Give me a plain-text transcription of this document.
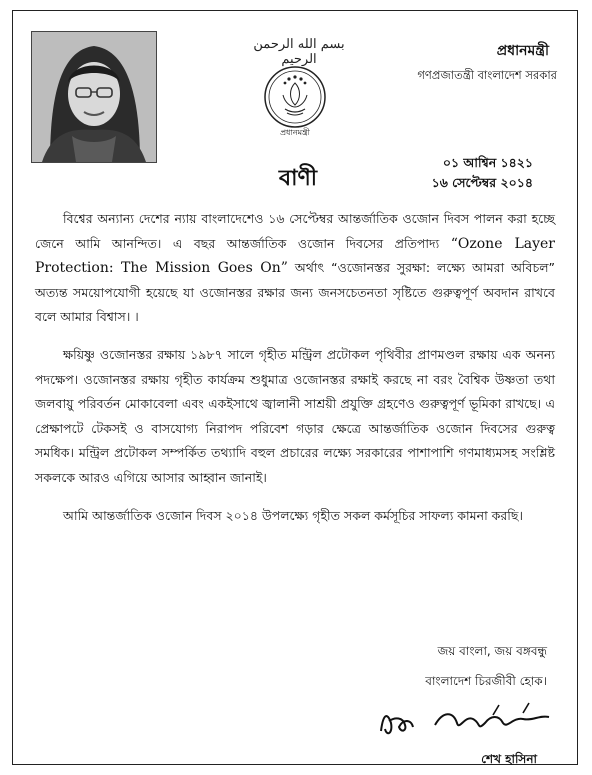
بسم الله الرحمن الرحيم
প্রধানমন্ত্রী
প্রধানমন্ত্রী
গণপ্রজাতন্ত্রী বাংলাদেশ সরকার
বাণী
০১ আশ্বিন ১৪২১
১৬ সেপ্টেম্বর ২০১৪

বিশ্বের অন্যান্য দেশের ন্যায় বাংলাদেশেও ১৬ সেপ্টেম্বর আন্তর্জাতিক ওজোন দিবস পালন করা হচ্ছে জেনে আমি আনন্দিত। এ বছর আন্তর্জাতিক ওজোন দিবসের প্রতিপাদ্য “Ozone Layer Protection: The Mission Goes On” অর্থাৎ “ওজোনস্তর সুরক্ষা: লক্ষ্যে আমরা অবিচল” অত্যন্ত সময়োপযোগী হয়েছে যা ওজোনস্তর রক্ষার জন্য জনসচেতনতা সৃষ্টিতে গুরুত্বপূর্ণ অবদান রাখবে বলে আমার বিশ্বাস। ।

ক্ষয়িষ্ণু ওজোনস্তর রক্ষায় ১৯৮৭ সালে গৃহীত মন্ট্রিল প্রটোকল পৃথিবীর প্রাণমণ্ডল রক্ষায় এক অনন্য পদক্ষেপ। ওজোনস্তর রক্ষায় গৃহীত কার্যক্রম শুধুমাত্র ওজোনস্তর রক্ষাই করছে না বরং বৈশ্বিক উষ্ণতা তথা জলবায়ু পরিবর্তন মোকাবেলা এবং একইসাথে জ্বালানী সাশ্রয়ী প্রযুক্তি গ্রহণেও গুরুত্বপূর্ণ ভূমিকা রাখছে। এ প্রেক্ষাপটে টেকসই ও বাসযোগ্য নিরাপদ পরিবেশ গড়ার ক্ষেত্রে আন্তর্জাতিক ওজোন দিবসের গুরুত্ব সমধিক। মন্ট্রিল প্রটোকল সম্পর্কিত তথ্যাদি বহুল প্রচারের লক্ষ্যে সরকারের পাশাপাশি গণমাধ্যমসহ সংশ্লিষ্ট সকলকে আরও এগিয়ে আসার আহ্বান জানাই।

আমি আন্তর্জাতিক ওজোন দিবস ২০১৪ উপলক্ষ্যে গৃহীত সকল কর্মসূচির সাফল্য কামনা করছি।

জয় বাংলা, জয় বঙ্গবন্ধু
বাংলাদেশ চিরজীবী হোক।
শেখ হাসিনা
